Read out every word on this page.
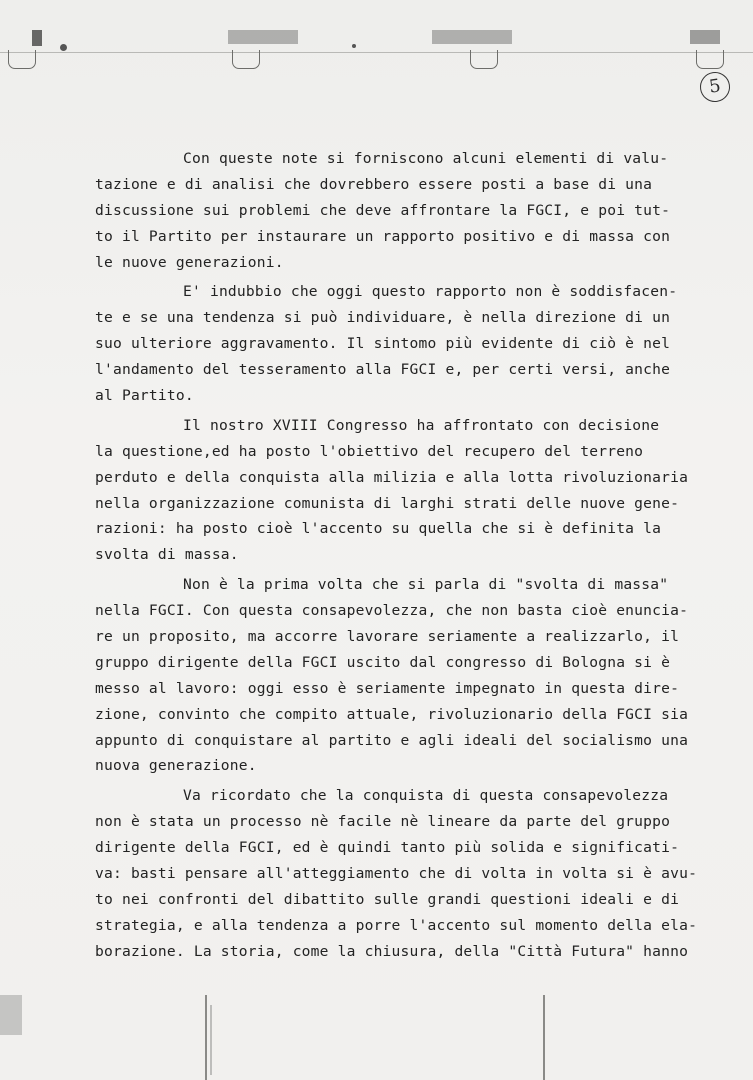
5
Con queste note si forniscono alcuni elementi di valu-
tazione e di analisi che dovrebbero essere posti a base di una
discussione sui problemi che deve affrontare la FGCI, e poi tut-
to il Partito per instaurare un rapporto positivo e di massa con
le nuove generazioni.
E' indubbio che oggi questo rapporto non è soddisfacen-
te e se una tendenza si può individuare, è nella direzione di un
suo ulteriore aggravamento. Il sintomo più evidente di ciò è nel
l'andamento del tesseramento alla FGCI e, per certi versi, anche
al Partito.
Il nostro XVIII Congresso ha affrontato con decisione
la questione,ed ha posto l'obiettivo del recupero del terreno
perduto e della conquista alla milizia e alla lotta rivoluzionaria
nella organizzazione comunista di larghi strati delle nuove gene-
razioni: ha posto cioè l'accento su quella che si è definita la
svolta di massa.
Non è la prima volta che si parla di "svolta di massa"
nella FGCI. Con questa consapevolezza, che non basta cioè enuncia-
re un proposito, ma accorre lavorare seriamente a realizzarlo, il
gruppo dirigente della FGCI uscito dal congresso di Bologna si è
messo al lavoro: oggi esso è seriamente impegnato in questa dire-
zione, convinto che compito attuale, rivoluzionario della FGCI sia
appunto di conquistare al partito e agli ideali del socialismo una
nuova generazione.
Va ricordato che la conquista di questa consapevolezza
non è stata un processo nè facile nè lineare da parte del gruppo
dirigente della FGCI, ed è quindi tanto più solida e significati-
va: basti pensare all'atteggiamento che di volta in volta si è avu-
to nei confronti del dibattito sulle grandi questioni ideali e di
strategia, e alla tendenza a porre l'accento sul momento della ela-
borazione. La storia, come la chiusura, della "Città Futura" hanno
